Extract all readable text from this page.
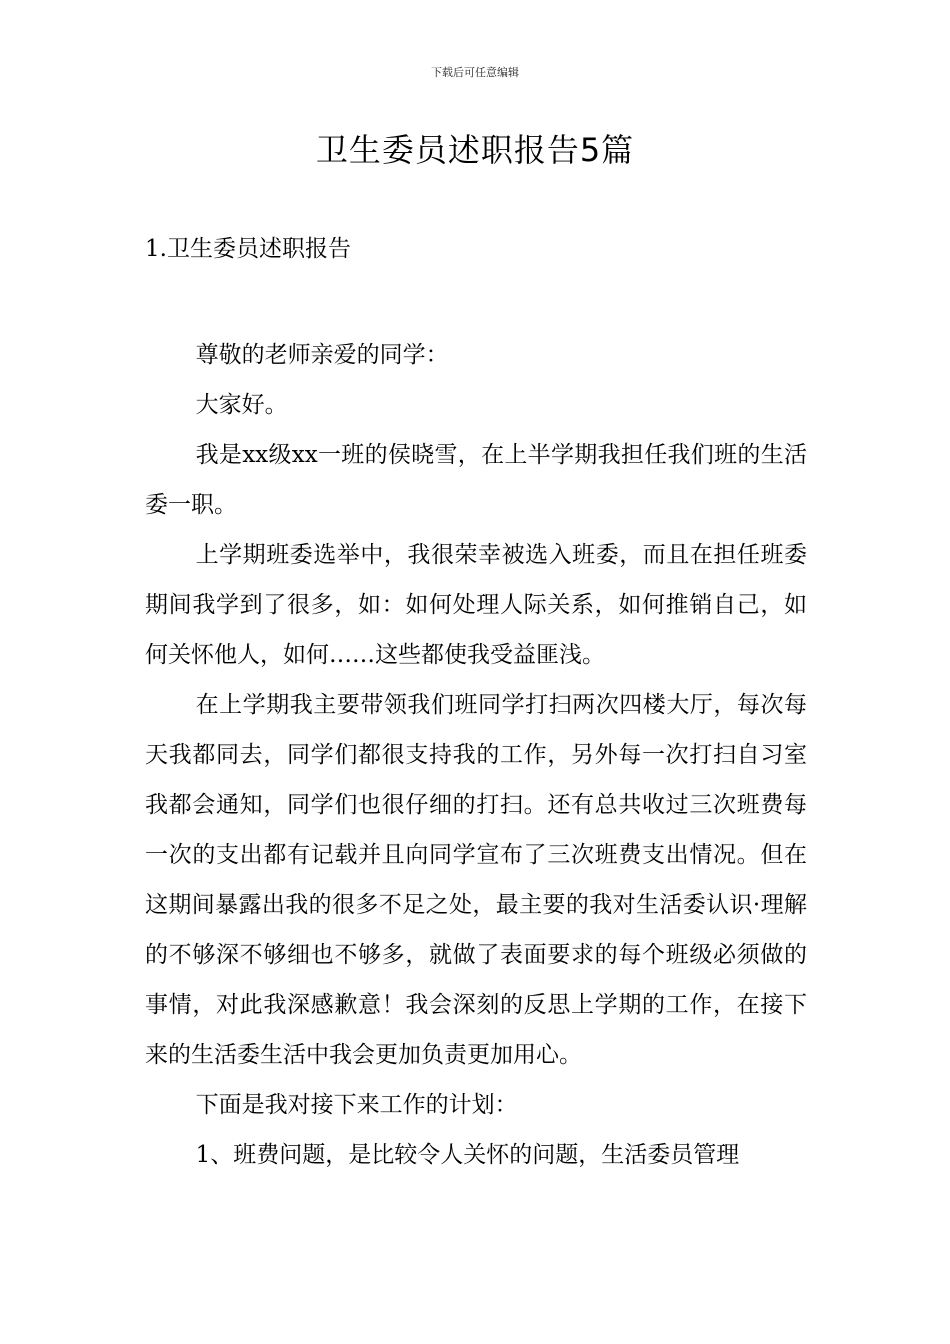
下载后可任意编辑
卫生委员述职报告5篇
1.卫生委员述职报告

尊敬的老师亲爱的同学：

大家好。

我是xx级xx一班的侯晓雪，在上半学期我担任我们班的生活委一职。

上学期班委选举中，我很荣幸被选入班委，而且在担任班委期间我学到了很多，如：如何处理人际关系，如何推销自己，如何关怀他人，如何……这些都使我受益匪浅。

在上学期我主要带领我们班同学打扫两次四楼大厅，每次每天我都同去，同学们都很支持我的工作，另外每一次打扫自习室我都会通知，同学们也很仔细的打扫。还有总共收过三次班费每一次的支出都有记载并且向同学宣布了三次班费支出情况。但在这期间暴露出我的很多不足之处，最主要的我对生活委认识·理解的不够深不够细也不够多，就做了表面要求的每个班级必须做的事情，对此我深感歉意！我会深刻的反思上学期的工作，在接下来的生活委生活中我会更加负责更加用心。

下面是我对接下来工作的计划：

1、班费问题，是比较令人关怀的问题，生活委员管理
